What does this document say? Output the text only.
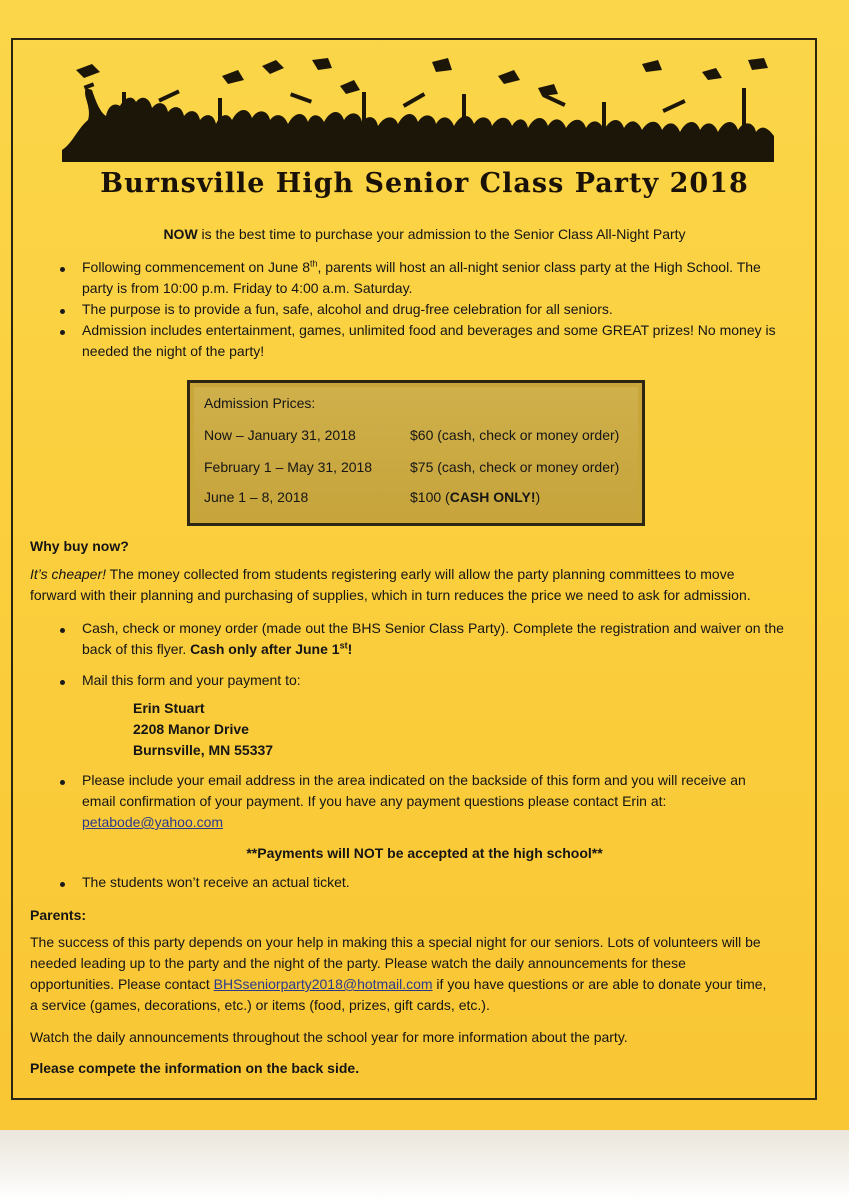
Burnsville High Senior Class Party 2018
NOW is the best time to purchase your admission to the Senior Class All-Night Party
Following commencement on June 8th, parents will host an all-night senior class party at the High School. The
party is from 10:00 p.m. Friday to 4:00 a.m. Saturday.
The purpose is to provide a fun, safe, alcohol and drug-free celebration for all seniors.
Admission includes entertainment, games, unlimited food and beverages and some GREAT prizes! No money is
needed the night of the party!
Admission Prices:
Now – January 31, 2018	$60 (cash, check or money order)
February 1 – May 31, 2018	$75 (cash, check or money order)
June 1 – 8, 2018	$100 (CASH ONLY!)
Why buy now?
It’s cheaper! The money collected from students registering early will allow the party planning committees to move
forward with their planning and purchasing of supplies, which in turn reduces the price we need to ask for admission.
Cash, check or money order (made out the BHS Senior Class Party). Complete the registration and waiver on the
back of this flyer. Cash only after June 1st!
Mail this form and your payment to:
Erin Stuart
2208 Manor Drive
Burnsville, MN 55337
Please include your email address in the area indicated on the backside of this form and you will receive an
email confirmation of your payment. If you have any payment questions please contact Erin at:
petabode@yahoo.com
**Payments will NOT be accepted at the high school**
The students won’t receive an actual ticket.
Parents:
The success of this party depends on your help in making this a special night for our seniors. Lots of volunteers will be
needed leading up to the party and the night of the party. Please watch the daily announcements for these
opportunities. Please contact BHSseniorparty2018@hotmail.com if you have questions or are able to donate your time,
a service (games, decorations, etc.) or items (food, prizes, gift cards, etc.).
Watch the daily announcements throughout the school year for more information about the party.
Please compete the information on the back side.
